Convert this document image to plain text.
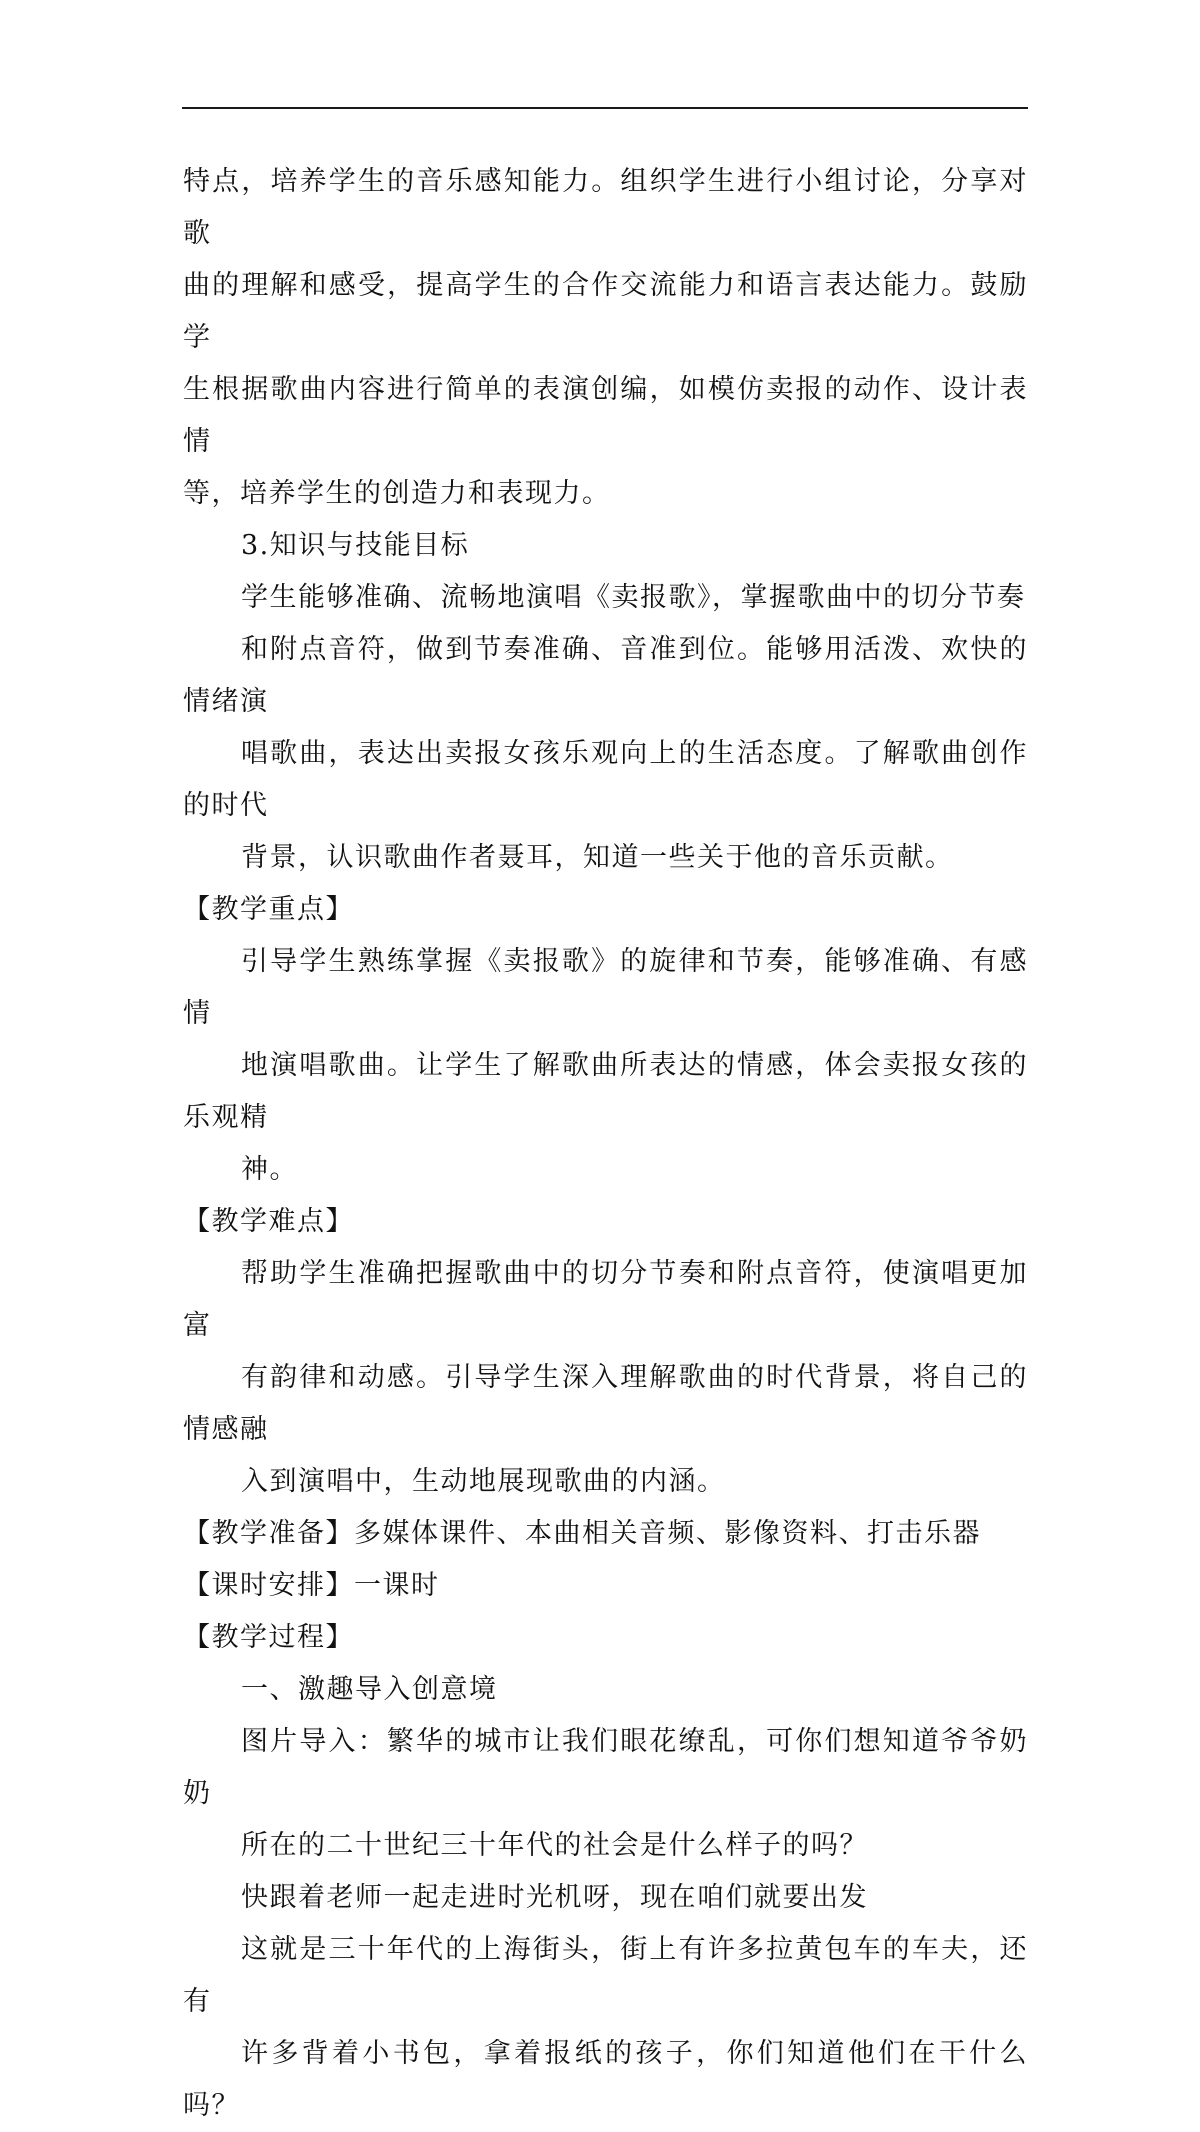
特点，培养学生的音乐感知能力。组织学生进行小组讨论，分享对歌
曲的理解和感受，提高学生的合作交流能力和语言表达能力。鼓励学
生根据歌曲内容进行简单的表演创编，如模仿卖报的动作、设计表情
等，培养学生的创造力和表现力。

3.知识与技能目标

学生能够准确、流畅地演唱《卖报歌》，掌握歌曲中的切分节奏
和附点音符，做到节奏准确、音准到位。能够用活泼、欢快的情绪演
唱歌曲，表达出卖报女孩乐观向上的生活态度。了解歌曲创作的时代
背景，认识歌曲作者聂耳，知道一些关于他的音乐贡献。

【教学重点】

引导学生熟练掌握《卖报歌》的旋律和节奏，能够准确、有感情
地演唱歌曲。让学生了解歌曲所表达的情感，体会卖报女孩的乐观精
神。

【教学难点】

帮助学生准确把握歌曲中的切分节奏和附点音符，使演唱更加富
有韵律和动感。引导学生深入理解歌曲的时代背景，将自己的情感融
入到演唱中，生动地展现歌曲的内涵。

【教学准备】多媒体课件、本曲相关音频、影像资料、打击乐器

【课时安排】一课时

【教学过程】

一、激趣导入创意境

图片导入：繁华的城市让我们眼花缭乱，可你们想知道爷爷奶奶
所在的二十世纪三十年代的社会是什么样子的吗？

快跟着老师一起走进时光机呀，现在咱们就要出发

这就是三十年代的上海街头，街上有许多拉黄包车的车夫，还有
许多背着小书包，拿着报纸的孩子，你们知道他们在干什么吗？
